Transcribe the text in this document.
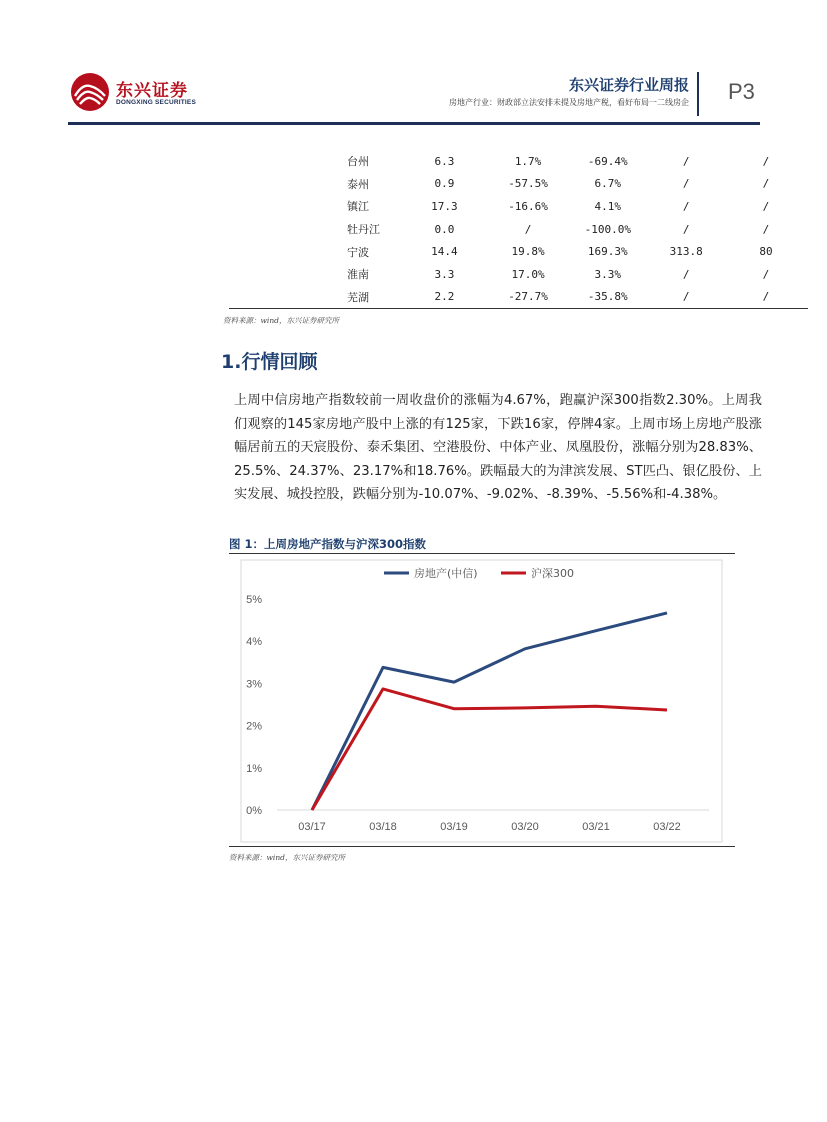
东兴证券
DONGXING SECURITIES
东兴证券行业周报
房地产行业：财政部立法安排未提及房地产税，看好布局一二线房企 P3
台州	6.3	1.7%	-69.4%	/	/
泰州	0.9	-57.5%	6.7%	/	/
镇江	17.3	-16.6%	4.1%	/	/
牡丹江	0.0	/	-100.0%	/	/
宁波	14.4	19.8%	169.3%	313.8	80
淮南	3.3	17.0%	3.3%	/	/
芜湖	2.2	-27.7%	-35.8%	/	/
资料来源：wind，东兴证券研究所
1.行情回顾

上周中信房地产指数较前一周收盘价的涨幅为4.67%，跑赢沪深300指数2.30%。上周我们观察的145家房地产股中上涨的有125家，下跌16家，停牌4家。上周市场上房地产股涨幅居前五的天宸股份、泰禾集团、空港股份、中体产业、凤凰股份，涨幅分别为28.83%、25.5%、24.37%、23.17%和18.76%。跌幅最大的为津滨发展、ST匹凸、银亿股份、上实发展、城投控股，跌幅分别为-10.07%、-9.02%、-8.39%、-5.56%和-4.38%。

图 1：上周房地产指数与沪深300指数
房地产(中信)	沪深300
0%
1%
2%
3%
4%
5%
03/17	03/18	03/19	03/20	03/21	03/22
资料来源：wind，东兴证券研究所
